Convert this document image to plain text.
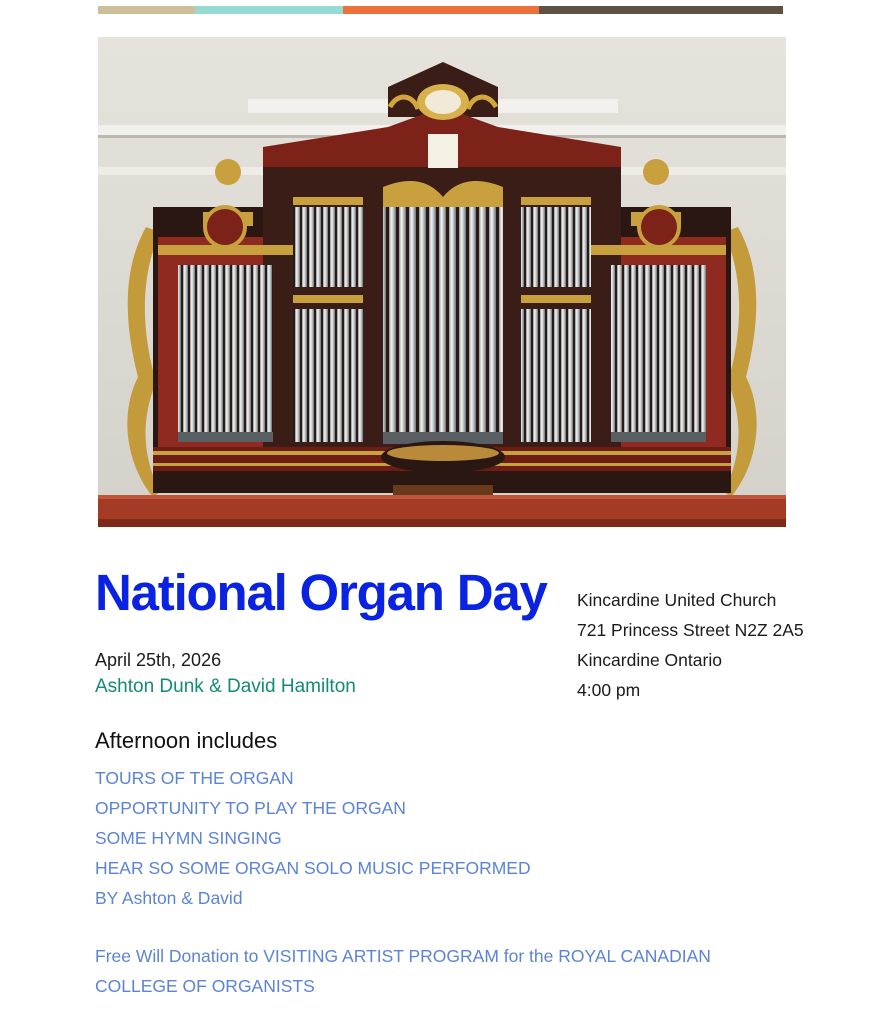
National Organ Day
April 25th, 2026
Ashton Dunk & David Hamilton
Kincardine United Church
721 Princess Street N2Z 2A5
Kincardine Ontario
4:00 pm
Afternoon includes
TOURS OF THE ORGAN
OPPORTUNITY TO PLAY THE ORGAN
SOME HYMN SINGING
HEAR SO SOME ORGAN SOLO MUSIC PERFORMED
BY Ashton & David
Free Will Donation to VISITING ARTIST PROGRAM for the ROYAL CANADIAN COLLEGE OF ORGANISTS
